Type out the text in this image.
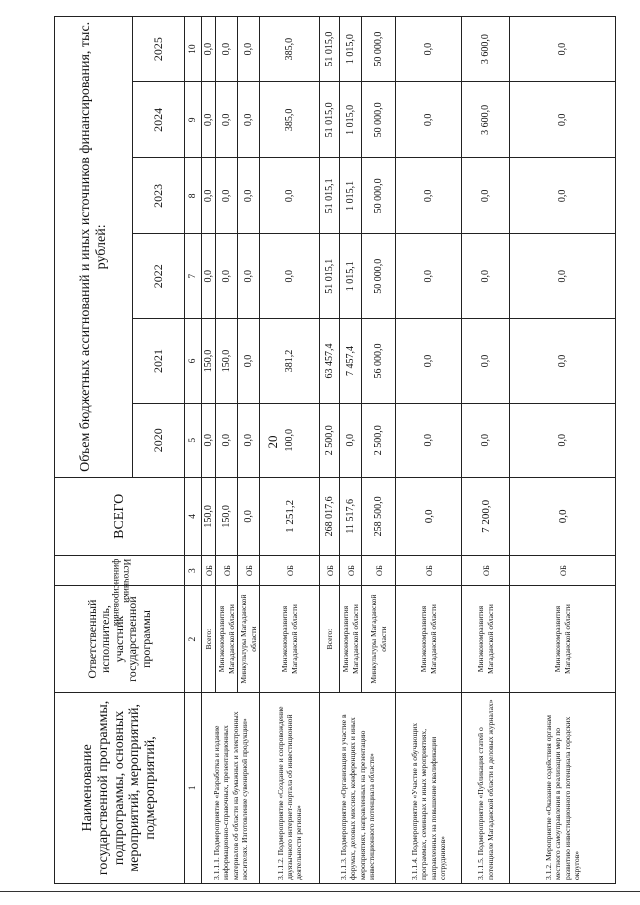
20
Наименование государственной программы, подпрограммы, основных мероприятий, мероприятий, подмероприятий,	Ответственный исполнитель, участник государственной программы	Источники финансирования	ВСЕГО	Объем бюджетных ассигнований и иных источников финансирования, тыс. рублей:					
				2020	2021	2022	2023	2024	2025
1	2	3	4	5	6	7	8	9	10
3.1.1.1. Подмероприятие «Разработка и издание информационно-справочных, презентационных материалов об области на бумажных и электронных носителях. Изготовление сувенирной продукции»	Всего:	ОБ	150,0	0,0	150,0	0,0	0,0	0,0	0,0
	Минэкономразвития Магаданской области	ОБ	150,0	0,0	150,0	0,0	0,0	0,0	0,0
	Минкультуры Магаданской области	ОБ	0,0	0,0	0,0	0,0	0,0	0,0	0,0
3.1.1.2. Подмероприятие «Создание и сопровождение двуязычного интернет-портала об инвестиционной деятельности региона»	Минэкономразвития Магаданской области	ОБ	1 251,2	100,0	381,2	0,0	0,0	385,0	385,0
3.1.1.3. Подмероприятие «Организация и участие в форумах, деловых миссиях, конференциях и иных мероприятиях, направленных на презентацию инвестиционного потенциала области»	Всего:	ОБ	268 017,6	2 500,0	63 457,4	51 015,1	51 015,1	51 015,0	51 015,0
	Минэкономразвития Магаданской области	ОБ	11 517,6	0,0	7 457,4	1 015,1	1 015,1	1 015,0	1 015,0
	Минкультуры Магаданской области	ОБ	258 500,0	2 500,0	56 000,0	50 000,0	50 000,0	50 000,0	50 000,0
3.1.1.4. Подмероприятие «Участие в обучающих программах, семинарах и иных мероприятиях, направленных на повышение квалификации сотрудников»	Минэкономразвития Магаданской области	ОБ	0,0	0,0	0,0	0,0	0,0	0,0	0,0
3.1.1.5. Подмероприятие «Публикация статей о потенциале Магаданской области в деловых журналах»	Минэкономразвития Магаданской области	ОБ	7 200,0	0,0	0,0	0,0	0,0	3 600,0	3 600,0
3.1.2. Мероприятие «Оказание содействия органам местного самоуправления в реализации мер по развитию инвестиционного потенциала городских округов»	Минэкономразвития Магаданской области	ОБ	0,0	0,0	0,0	0,0	0,0	0,0	0,0
